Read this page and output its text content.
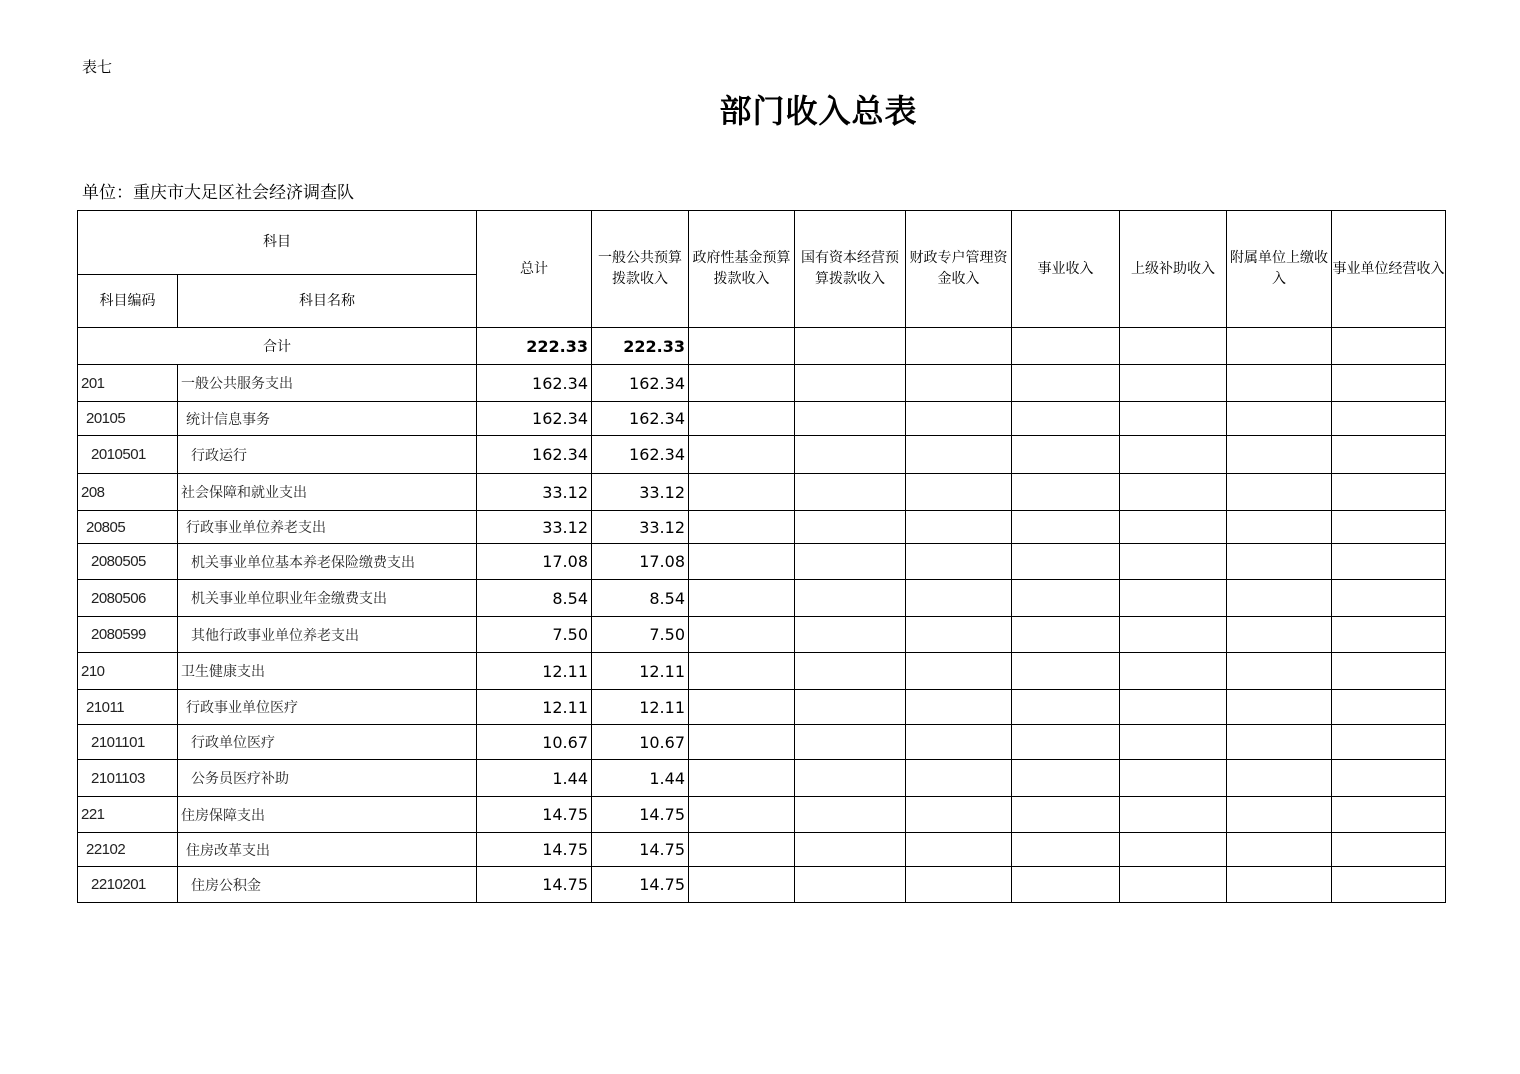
表七
部门收入总表
单位：重庆市大足区社会经济调查队
科目		总计	一般公共预算拨款收入	政府性基金预算拨款收入	国有资本经营预算拨款收入	财政专户管理资金收入	事业收入	上级补助收入	附属单位上缴收入	事业单位经营收入
科目编码	科目名称									
合计		222.33	222.33							
201	一般公共服务支出	162.34	162.34							
20105	统计信息事务	162.34	162.34							
2010501	行政运行	162.34	162.34							
208	社会保障和就业支出	33.12	33.12							
20805	行政事业单位养老支出	33.12	33.12							
2080505	机关事业单位基本养老保险缴费支出	17.08	17.08							
2080506	机关事业单位职业年金缴费支出	8.54	8.54							
2080599	其他行政事业单位养老支出	7.50	7.50							
210	卫生健康支出	12.11	12.11							
21011	行政事业单位医疗	12.11	12.11							
2101101	行政单位医疗	10.67	10.67							
2101103	公务员医疗补助	1.44	1.44							
221	住房保障支出	14.75	14.75							
22102	住房改革支出	14.75	14.75							
2210201	住房公积金	14.75	14.75							
